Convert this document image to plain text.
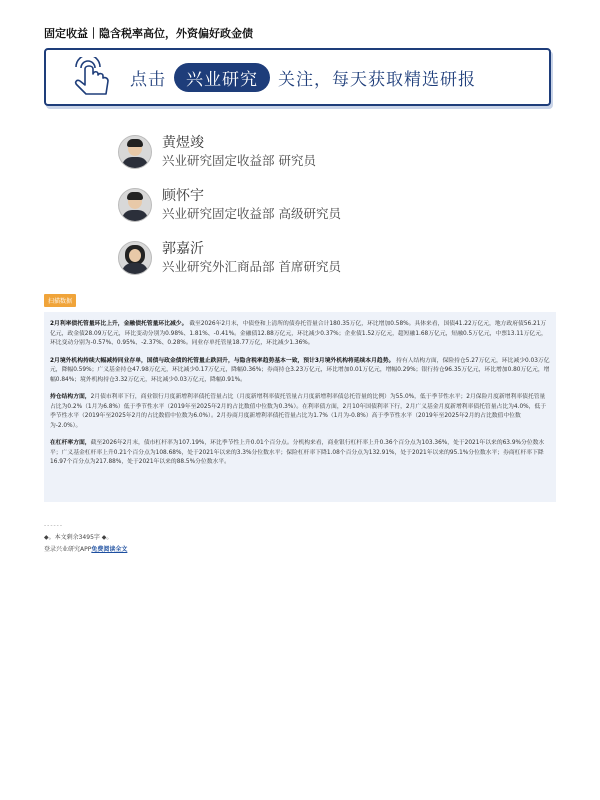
固定收益｜隐含税率高位，外资偏好政金债
点击	兴业研究	关注，每天获取精选研报
黄煜竣
兴业研究固定收益部 研究员
顾怀宇
兴业研究固定收益部 高级研究员
郭嘉沂
兴业研究外汇商品部 首席研究员
扫描数据

2月利率债托管量环比上升，金融债托管量环比减少。 截至2026年2月末，中债登和上清所的债券托管量合计180.35万亿，环比增加0.58%。具体来看，国债41.22万亿元，地方政府债56.21万亿元，政金债28.09万亿元，环比变动分别为0.98%、1.81%、-0.41%。金融债12.88万亿元，环比减少0.37%；企业债1.52万亿元，超短融1.68万亿元，短融0.5万亿元，中票13.11万亿元，环比变动分别为-0.57%、0.95%、-2.37%、0.28%。同业存单托管量18.77万亿，环比减少1.36%。

2月境外机构持续大幅减持同业存单，国债与政金债的托管量止跌回升，与隐含税率趋势基本一致，预计3月境外机构将延续本月趋势。 持有人结构方面，保险持仓5.27万亿元，环比减少0.03万亿元，降幅0.59%；广义基金持仓47.98万亿元，环比减少0.17万亿元，降幅0.36%；券商持仓3.23万亿元，环比增加0.01万亿元，增幅0.29%；银行持仓96.35万亿元，环比增加0.80万亿元，增幅0.84%；境外机构持仓3.32万亿元，环比减少0.03万亿元，降幅0.91%。

持仓结构方面，2月债市利率下行，商业银行月度新增利率债托管量占比（月度新增利率债托管量占月度新增利率债总托管量的比例）为55.0%，低于季节性水平；2月保险月度新增利率债托管量占比为0.2%（1月为6.8%）低于季节性水平（2019年至2025年2月的占比数值中位数为0.3%）。在利率债方面，2月10年国债利率下行，2月广义基金月度新增利率债托管量占比为4.0%，低于季节性水平（2019年至2025年2月的占比数值中位数为6.0%）。2月券商月度新增利率债托管量占比为1.7%（1月为-0.8%）高于季节性水平（2019年至2025年2月的占比数值中位数为-2.0%）。

在杠杆率方面，截至2026年2月末，债市杠杆率为107.19%，环比季节性上升0.01个百分点。分机构来看，商业银行杠杆率上升0.36个百分点为103.36%，处于2021年以来的63.9%分位数水平；广义基金杠杆率上升0.21个百分点为108.68%，处于2021年以来的3.3%分位数水平；保险杠杆率下降1.08个百分点为132.91%，处于2021年以来的95.1%分位数水平；券商杠杆率下降16.97个百分点为217.88%，处于2021年以来的88.5%分位数水平。

------
◆。本文剩余3495字 ◆。
登录兴业研究APP免费阅读全文
